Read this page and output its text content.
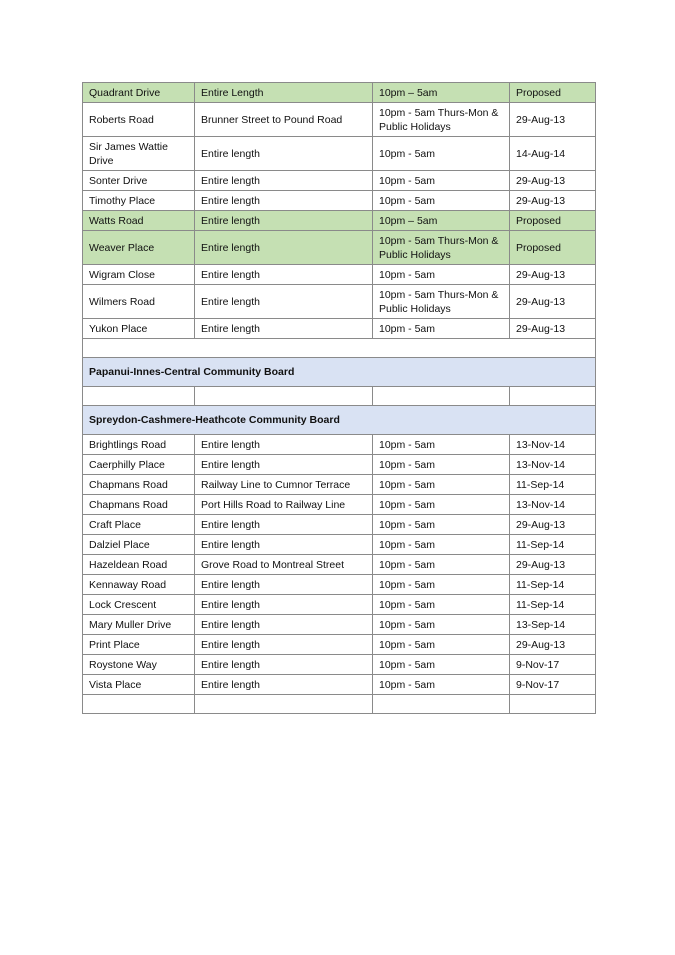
Quadrant Drive	Entire Length	10pm – 5am	Proposed
Roberts Road	Brunner Street to Pound Road	10pm - 5am Thurs-Mon & Public Holidays	29-Aug-13
Sir James Wattie Drive	Entire length	10pm - 5am	14-Aug-14
Sonter Drive	Entire length	10pm - 5am	29-Aug-13
Timothy Place	Entire length	10pm - 5am	29-Aug-13
Watts Road	Entire length	10pm – 5am	Proposed
Weaver Place	Entire length	10pm - 5am Thurs-Mon & Public Holidays	Proposed
Wigram Close	Entire length	10pm - 5am	29-Aug-13
Wilmers Road	Entire length	10pm - 5am Thurs-Mon & Public Holidays	29-Aug-13
Yukon Place	Entire length	10pm - 5am	29-Aug-13

Papanui-Innes-Central Community Board			

Spreydon-Cashmere-Heathcote Community Board			
Brightlings Road	Entire length	10pm - 5am	13-Nov-14
Caerphilly Place	Entire length	10pm - 5am	13-Nov-14
Chapmans Road	Railway Line to Cumnor Terrace	10pm - 5am	11-Sep-14
Chapmans Road	Port Hills Road to Railway Line	10pm - 5am	13-Nov-14
Craft Place	Entire length	10pm - 5am	29-Aug-13
Dalziel Place	Entire length	10pm - 5am	11-Sep-14
Hazeldean Road	Grove Road to Montreal Street	10pm - 5am	29-Aug-13
Kennaway Road	Entire length	10pm - 5am	11-Sep-14
Lock Crescent	Entire length	10pm - 5am	11-Sep-14
Mary Muller Drive	Entire length	10pm - 5am	13-Sep-14
Print Place	Entire length	10pm - 5am	29-Aug-13
Roystone Way	Entire length	10pm - 5am	9-Nov-17
Vista Place	Entire length	10pm - 5am	9-Nov-17
